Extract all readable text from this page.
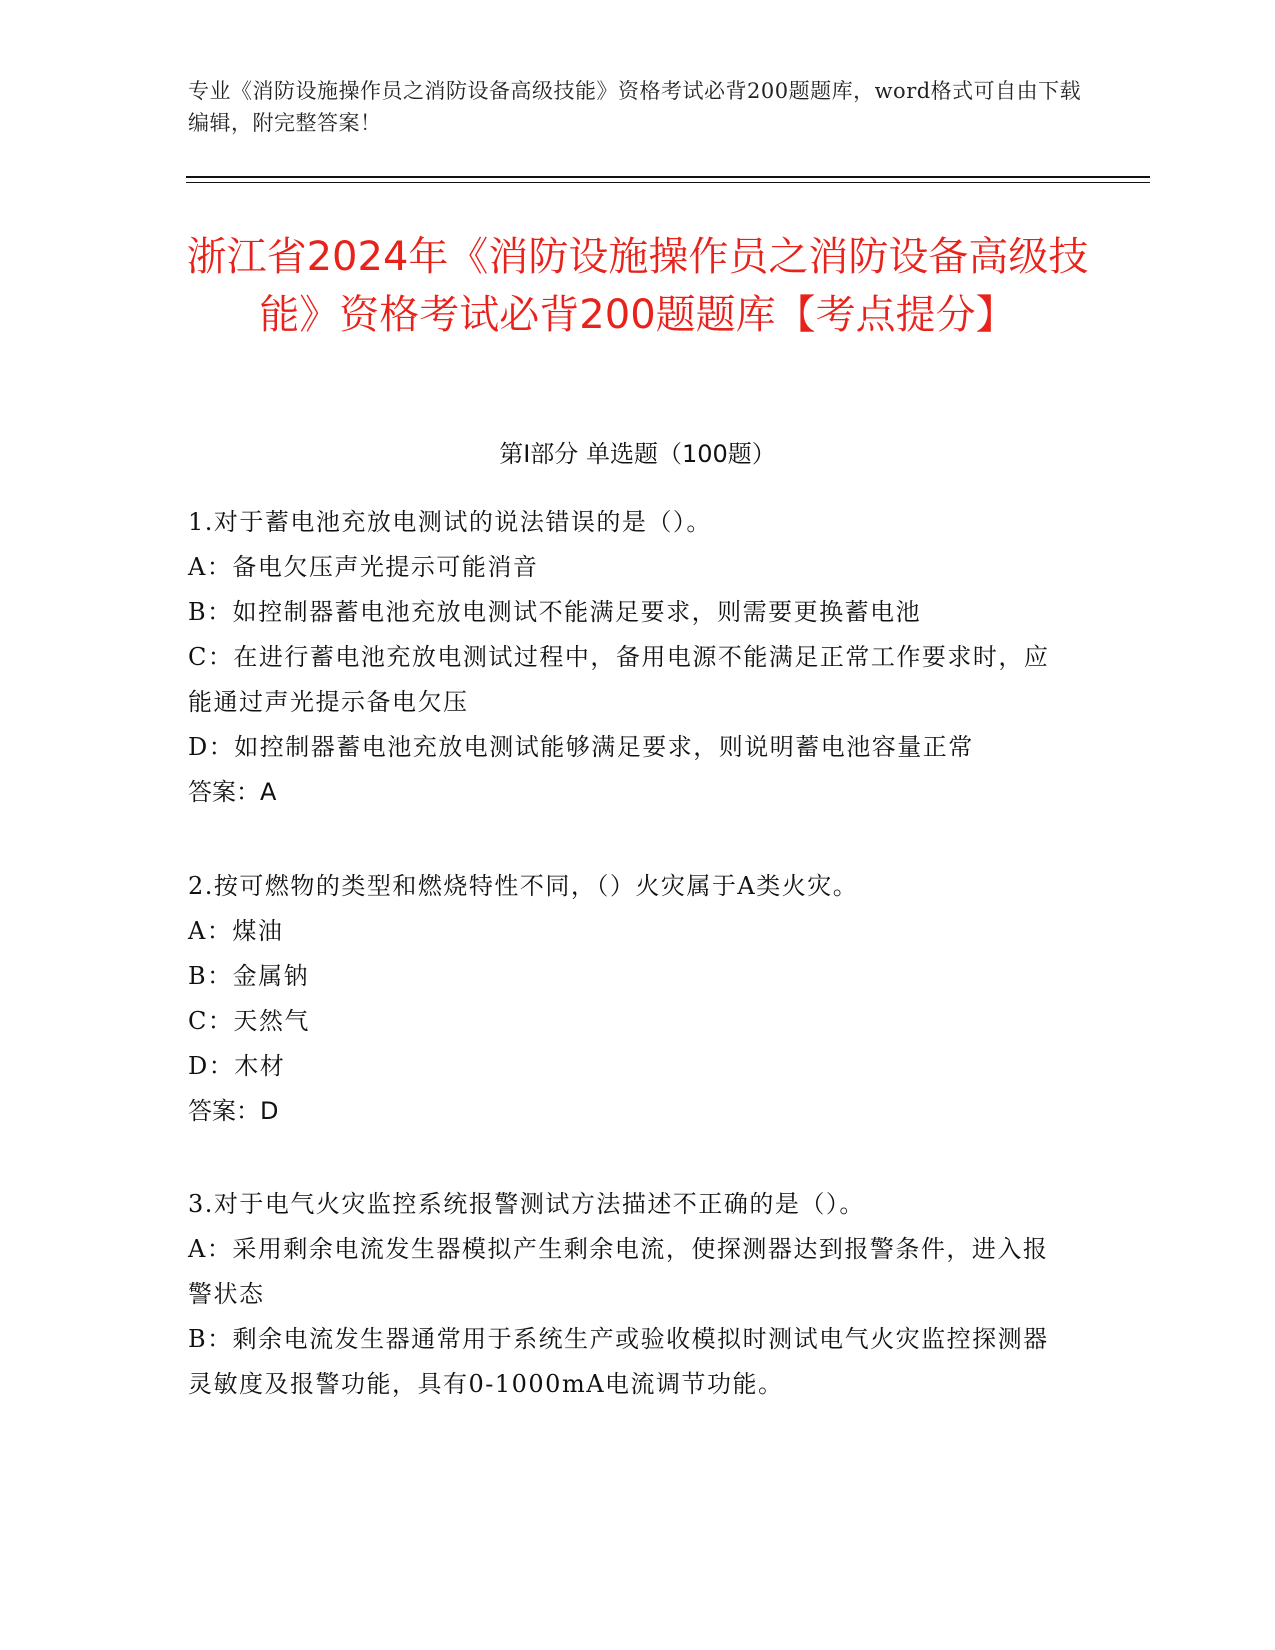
专业《消防设施操作员之消防设备高级技能》资格考试必背200题题库，word格式可自由下载编辑，附完整答案！
浙江省2024年《消防设施操作员之消防设备高级技能》资格考试必背200题题库【考点提分】
第Ⅰ部分 单选题（100题）
1.对于蓄电池充放电测试的说法错误的是（）。
A：备电欠压声光提示可能消音
B：如控制器蓄电池充放电测试不能满足要求，则需要更换蓄电池
C：在进行蓄电池充放电测试过程中，备用电源不能满足正常工作要求时，应能通过声光提示备电欠压
D：如控制器蓄电池充放电测试能够满足要求，则说明蓄电池容量正常
答案：A
2.按可燃物的类型和燃烧特性不同，（）火灾属于A类火灾。
A：煤油
B：金属钠
C：天然气
D：木材
答案：D
3.对于电气火灾监控系统报警测试方法描述不正确的是（）。
A：采用剩余电流发生器模拟产生剩余电流，使探测器达到报警条件，进入报警状态
B：剩余电流发生器通常用于系统生产或验收模拟时测试电气火灾监控探测器灵敏度及报警功能，具有0-1000mA电流调节功能。
